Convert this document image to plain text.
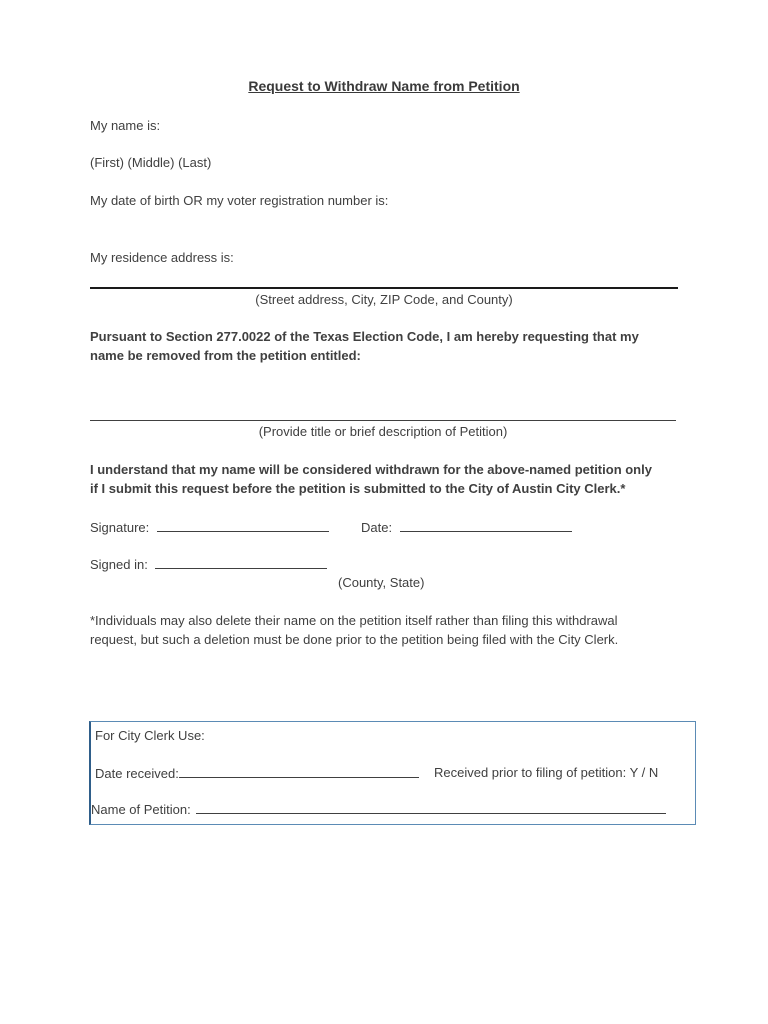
Request to Withdraw Name from Petition
My name is:
(First) (Middle) (Last)
My date of birth OR my voter registration number is:
My residence address is:
(Street address, City, ZIP Code, and County)
Pursuant to Section 277.0022 of the Texas Election Code, I am hereby requesting that my
name be removed from the petition entitled:
(Provide title or brief description of Petition)
I understand that my name will be considered withdrawn for the above-named petition only
if I submit this request before the petition is submitted to the City of Austin City Clerk.*
Signature:	Date:
Signed in:
(County, State)
*Individuals may also delete their name on the petition itself rather than filing this withdrawal
request, but such a deletion must be done prior to the petition being filed with the City Clerk.
For City Clerk Use:
Date received:	Received prior to filing of petition: Y / N
Name of Petition:
